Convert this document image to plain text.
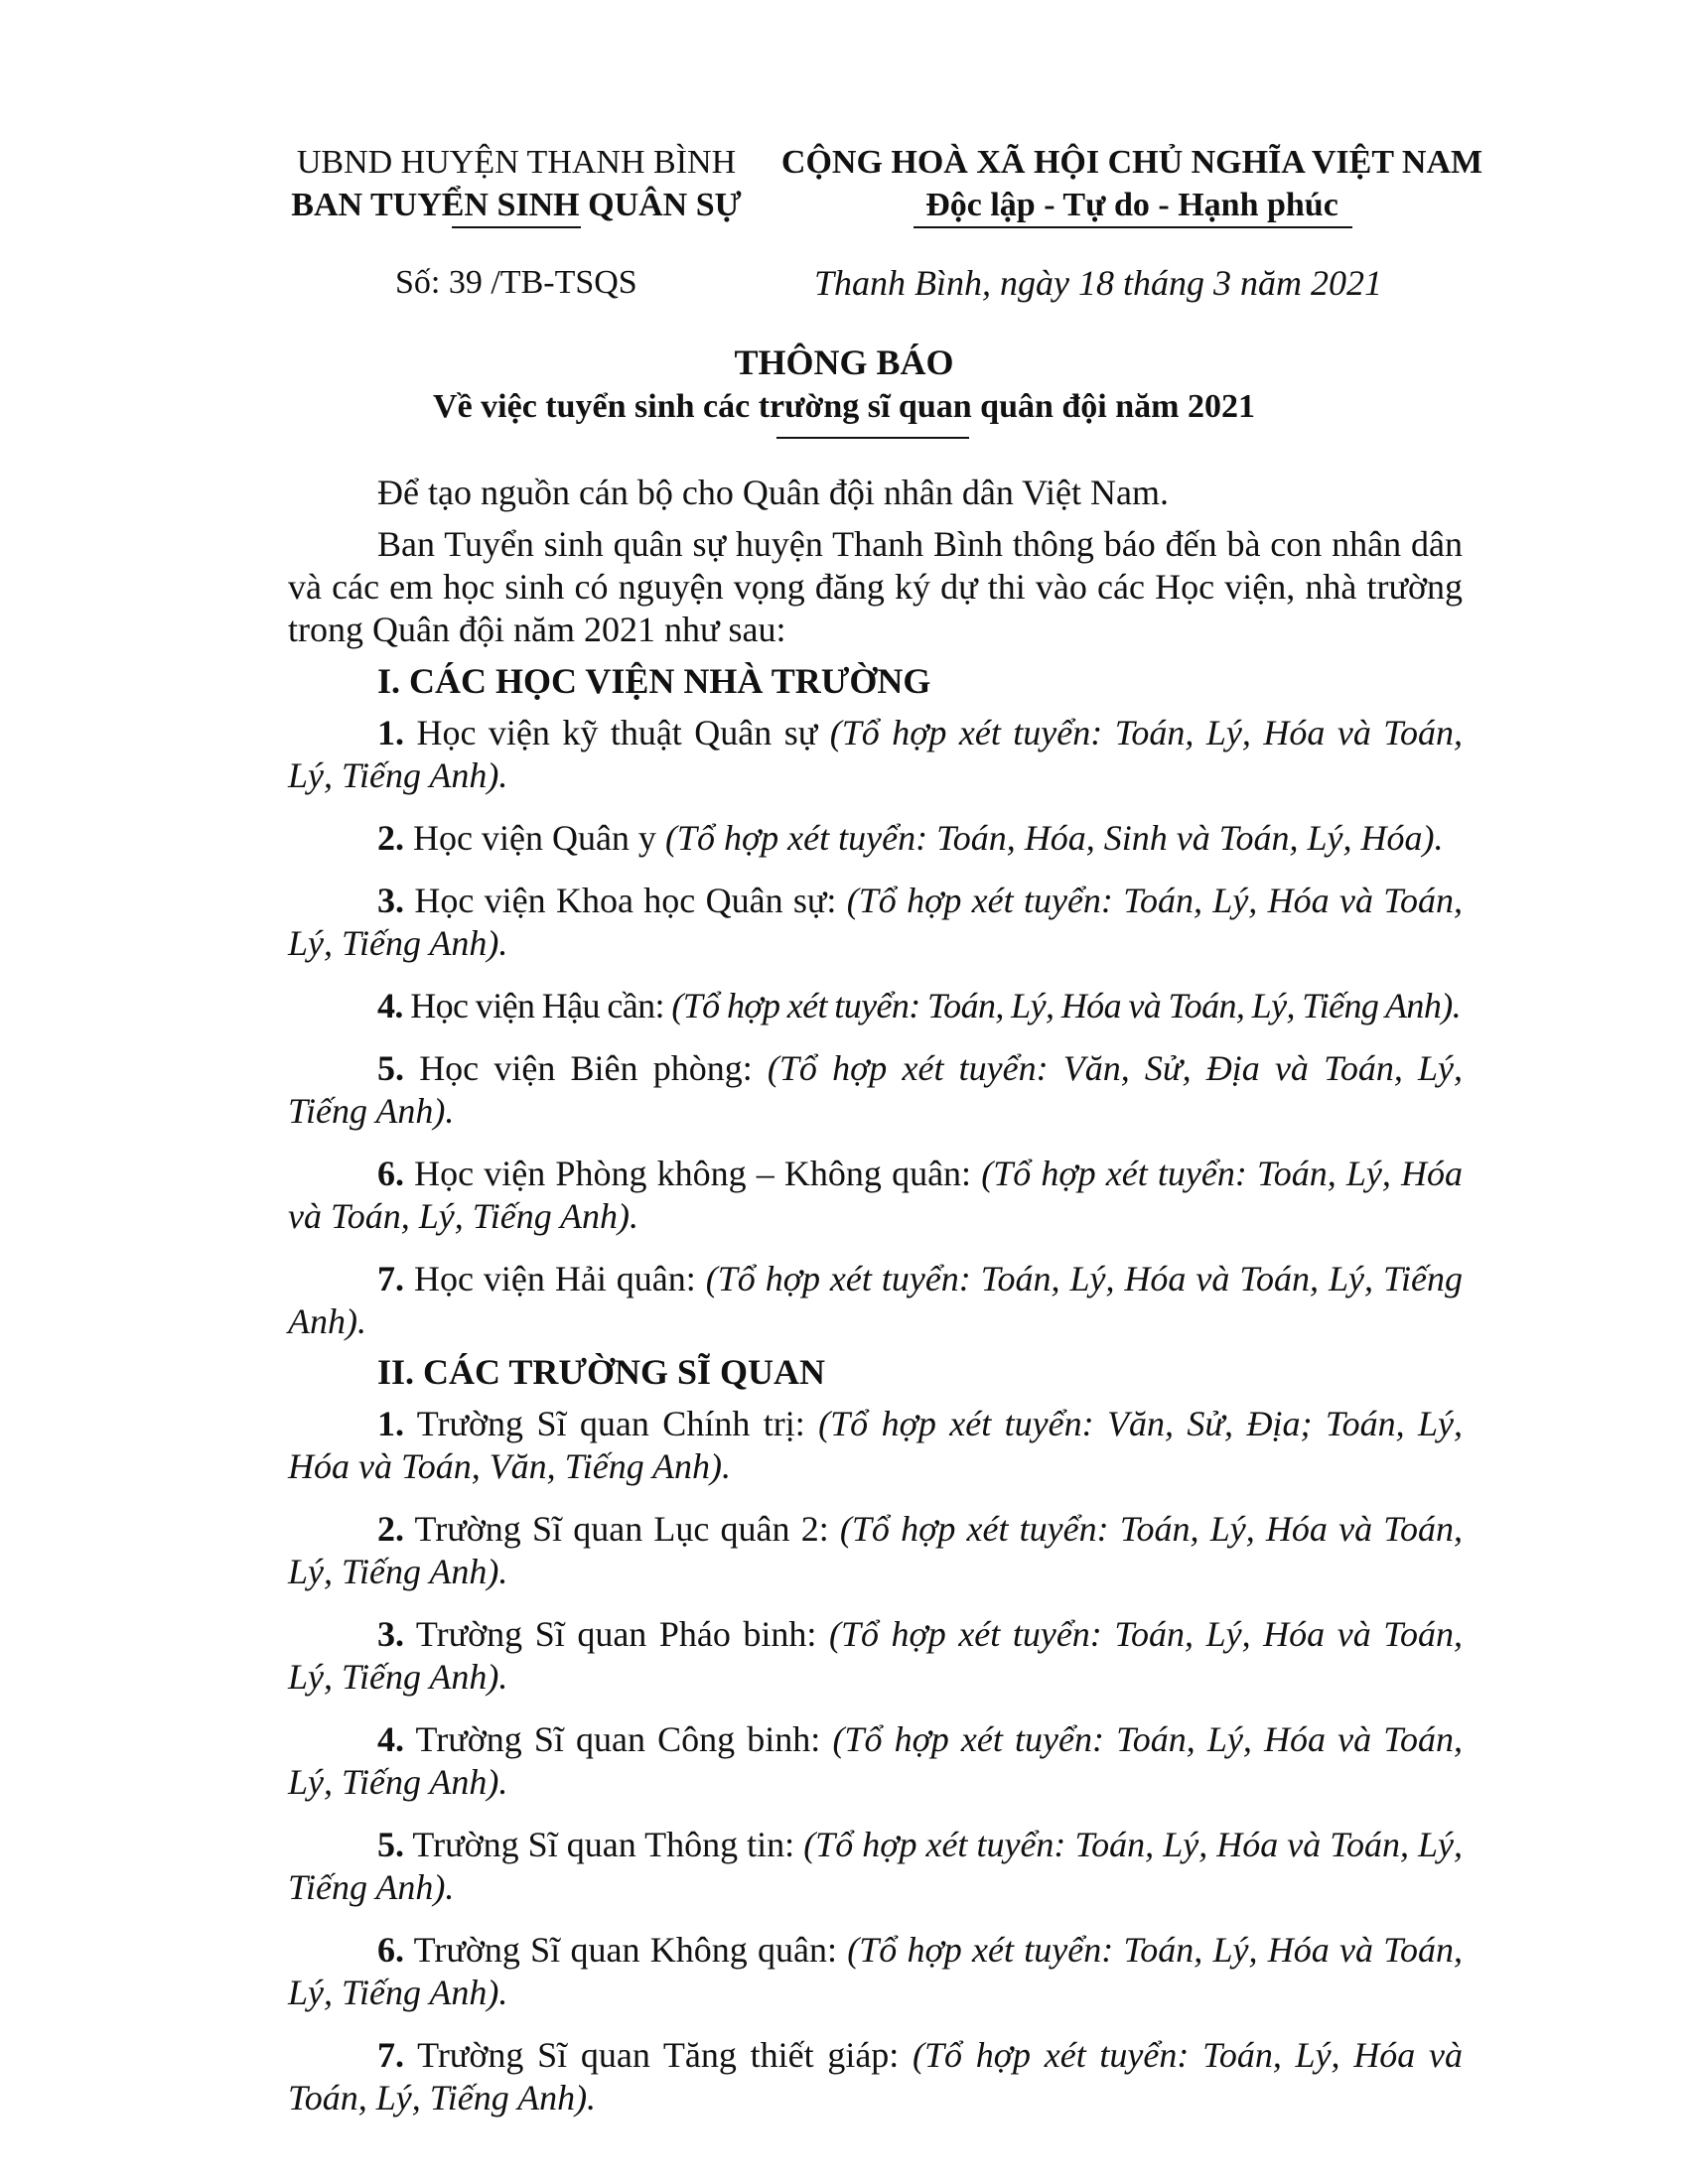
UBND HUYỆN THANH BÌNH
BAN TUYỂN SINH QUÂN SỰ
CỘNG HOÀ XÃ HỘI CHỦ NGHĨA VIỆT NAM
Độc lập - Tự do - Hạnh phúc
Số: 39 /TB-TSQS	Thanh Bình, ngày 18 tháng 3 năm 2021
THÔNG BÁO
Về việc tuyển sinh các trường sĩ quan quân đội năm 2021

Để tạo nguồn cán bộ cho Quân đội nhân dân Việt Nam.

Ban Tuyển sinh quân sự huyện Thanh Bình thông báo đến bà con nhân dân và các em học sinh có nguyện vọng đăng ký dự thi vào các Học viện, nhà trường trong Quân đội năm 2021 như sau:

I. CÁC HỌC VIỆN NHÀ TRƯỜNG

1. Học viện kỹ thuật Quân sự (Tổ hợp xét tuyển: Toán, Lý, Hóa và Toán, Lý, Tiếng Anh).

2. Học viện Quân y (Tổ hợp xét tuyển: Toán, Hóa, Sinh và Toán, Lý, Hóa).

3. Học viện Khoa học Quân sự: (Tổ hợp xét tuyển: Toán, Lý, Hóa và Toán, Lý, Tiếng Anh).

4. Học viện Hậu cần: (Tổ hợp xét tuyển: Toán, Lý, Hóa và Toán, Lý, Tiếng Anh).

5. Học viện Biên phòng: (Tổ hợp xét tuyển: Văn, Sử, Địa và Toán, Lý, Tiếng Anh).

6. Học viện Phòng không – Không quân: (Tổ hợp xét tuyển: Toán, Lý, Hóa và Toán, Lý, Tiếng Anh).

7. Học viện Hải quân: (Tổ hợp xét tuyển: Toán, Lý, Hóa và Toán, Lý, Tiếng Anh).

II. CÁC TRƯỜNG SĨ QUAN

1. Trường Sĩ quan Chính trị: (Tổ hợp xét tuyển: Văn, Sử, Địa; Toán, Lý, Hóa và Toán, Văn, Tiếng Anh).

2. Trường Sĩ quan Lục quân 2: (Tổ hợp xét tuyển: Toán, Lý, Hóa và Toán, Lý, Tiếng Anh).

3. Trường Sĩ quan Pháo binh: (Tổ hợp xét tuyển: Toán, Lý, Hóa và Toán, Lý, Tiếng Anh).

4. Trường Sĩ quan Công binh: (Tổ hợp xét tuyển: Toán, Lý, Hóa và Toán, Lý, Tiếng Anh).

5. Trường Sĩ quan Thông tin: (Tổ hợp xét tuyển: Toán, Lý, Hóa và Toán, Lý, Tiếng Anh).

6. Trường Sĩ quan Không quân: (Tổ hợp xét tuyển: Toán, Lý, Hóa và Toán, Lý, Tiếng Anh).

7. Trường Sĩ quan Tăng thiết giáp: (Tổ hợp xét tuyển: Toán, Lý, Hóa và Toán, Lý, Tiếng Anh).
